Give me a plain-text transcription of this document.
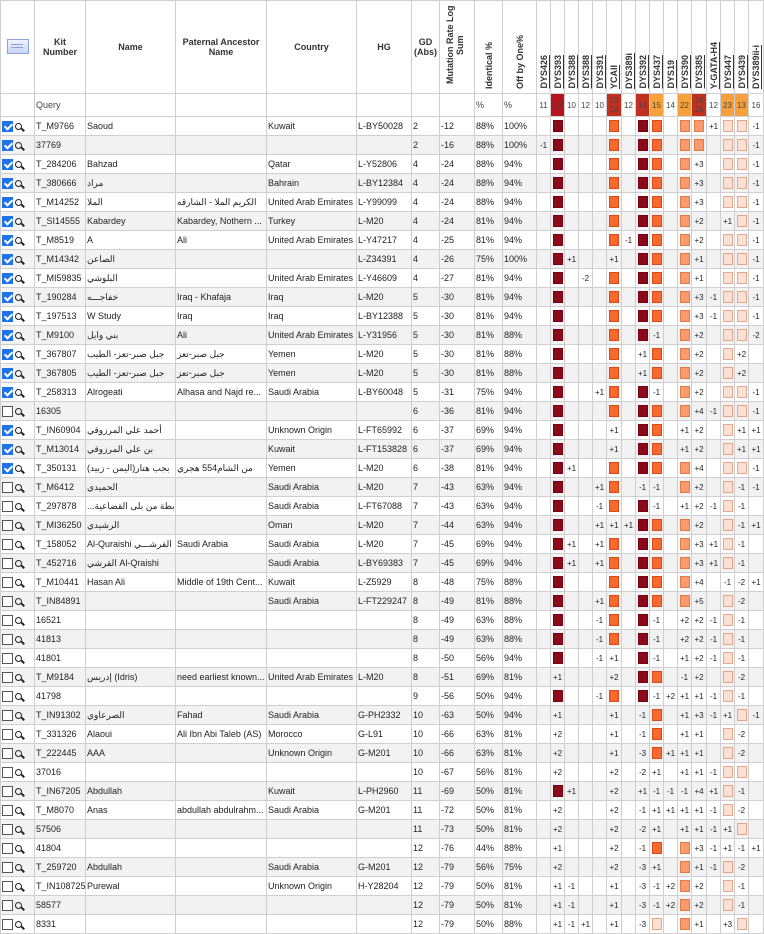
	Kit Number	Name	Paternal Ancestor Name	Country	HG	GD (Abs)	Mutation Rate Log Sum	Identical %	Off by One%	DYS426	DYS393	DYS388	DYS388	DYS391	YCAII	DYS389i	DYS392	DYS437	DYS19	DYS390	DYS385	Y-GATA-H4	DYS447	DYS439	DYS389ii-i

	Query							%	%	11	13	10	12	10	19 19	12	14	15	14	22	14 16	12	23	13	16
	T_M9766	Saoud		Kuwait	L-BY50028	2	-12	88%	100%													+1			-1
	37769					2	-16	88%	100%	-1															-1
	T_284206	Bahzad		Qatar	L-Y52806	4	-24	88%	94%												+3				-1
	T_380666	مراد		Bahrain	L-BY12384	4	-24	88%	94%												+3				-1
	T_M14252	الملا	الكريم الملا - الشارقه	United Arab Emirates	L-Y99099	4	-24	88%	94%												+3				-1
	T_SI14555	Kabardey	Kabardey, Nothern ...	Turkey	L-M20	4	-24	81%	94%												+2		+1		-1
	T_M8519	A	Ali	United Arab Emirates	L-Y47217	4	-25	81%	94%							-1					+2				-1
	T_M14342	الصاعن			L-Z34391	4	-26	75%	100%			+1			+1						+1				-1
	T_MI59835	البلوشي		United Arab Emirates	L-Y46609	4	-27	81%	94%				-2								+1				-1
	T_190284	خفاجـــه	Iraq - Khafaja	Iraq	L-M20	5	-30	81%	94%												+3	-1			-1
	T_197513	W Study	Iraq	Iraq	L-BY12388	5	-30	81%	94%												+3	-1			-1
	T_M9100	بني وايل	Ali	United Arab Emirates	L-Y31956	5	-30	81%	88%									-1			+2				-2
	T_367807	جبل صبر-تعز- الطيب	جبل صبر-تعز	Yemen	L-M20	5	-30	81%	88%								+1				+2			+2	
	T_367805	جبل صبر-تعز- الطيب	جبل صبر-تعز	Yemen	L-M20	5	-30	81%	88%								+1				+2			+2	
	T_258313	Alrogeati	Alhasa and Najd re...	Saudi Arabia	L-BY60048	5	-31	75%	94%					+1				-1			+2				-1
	16305					6	-36	81%	94%												+4	-1			-1
	T_IN60904	أحمد علي المرزوقي		Unknown Origin	L-FT65992	6	-37	69%	94%						+1					+1	+2			+1	+1
	T_M13014	بن علي المرزوقي		Kuwait	L-FT153828	6	-37	69%	94%						+1					+1	+2			+1	+1
	T_350131	بجب هتار(اليمن - زبيد)	من الشام554 هجري	Yemen	L-M20	6	-38	81%	94%			+1									+4				-1
	T_M6412	الحميدي		Saudi Arabia	L-M20	7	-43	63%	94%					+1			-1	-1			+2			-1	-1
	T_297878	...بطة من بلى القضاعية		Saudi Arabia	L-FT67088	7	-43	63%	94%					-1				-1		+1	+2	-1		-1	
	T_MI36250	الرشيدي		Oman	L-M20	7	-44	63%	94%					+1	+1	+1					+2			-1	+1
	T_158052	Al-Quraishi القرشـــي	Saudi Arabia	Saudi Arabia	L-M20	7	-45	69%	94%			+1		+1							+3	+1		-1	
	T_452716	القرشي Al-Qraishi		Saudi Arabia	L-BY69383	7	-45	69%	94%			+1		+1							+3	+1		-1	
	T_M10441	Hasan Ali	Middle of 19th Cent...	Kuwait	L-Z5929	8	-48	75%	88%												+4		-1	-2	+1
	T_IN84891			Saudi Arabia	L-FT229247	8	-49	81%	88%					+1							+5			-2	
	16521					8	-49	63%	88%					-1				-1		+2	+2	-1		-1	
	41813					8	-49	63%	88%					-1				-1		+2	+2	-1		-1	
	41801					8	-50	56%	94%					-1	+1			-1		+1	+2	-1		-1	
	T_M9184	إدريس (Idris)	need earliest known...	United Arab Emirates	L-M20	8	-51	69%	81%		+1				+2					-1	+2			-2	
	41798					9	-56	50%	94%					-1				-1	+2	+1	+1	-1		-1	
	T_IN91302	الصرعاوي	Fahad	Saudi Arabia	G-PH2332	10	-63	50%	94%		+1				+1		-1			+1	+3	-1	+1		-1
	T_331326	Alaoui	Ali Ibn Abi Taleb (AS)	Morocco	G-L91	10	-66	63%	81%		+2				+1		-1			+1	+1			-2	
	T_222445	AAA		Unknown Origin	G-M201	10	-66	63%	81%		+2				+1		-3		+1	+1	+1			-2	
	37016					10	-67	56%	81%		+2				+2		-2	+1		+1	+1	-1			
	T_IN67205	Abdullah		Kuwait	L-PH2960	11	-69	50%	81%			+1			+2		+1	-1	-1	-1	+4	+1		-1	
	T_M8070	Anas	abdullah abdulrahm...	Saudi Arabia	G-M201	11	-72	50%	81%		+2				+2		-1	+1	+1	+1	+1	-1		-2	
	57506					11	-73	50%	81%		+2				+2		-2	+1		+1	+1	-1	+1		
	41804					12	-76	44%	88%		+1				+2		-1				+3	-1	+1	-1	+1
	T_259720	Abdullah		Saudi Arabia	G-M201	12	-79	56%	75%		+2				+2		-3	+1			+1	-1		-2	
	T_IN108725	Purewal		Unknown Origin	H-Y28204	12	-79	50%	81%		+1	-1			+1		-3	-1	+2		+2			-1	
	58577					12	-79	50%	81%		+1	-1			+1		-3	-1	+2		+2			-1	
	8331					12	-79	50%	88%		+1	-1	+1		+1		-3				+1		+3		
